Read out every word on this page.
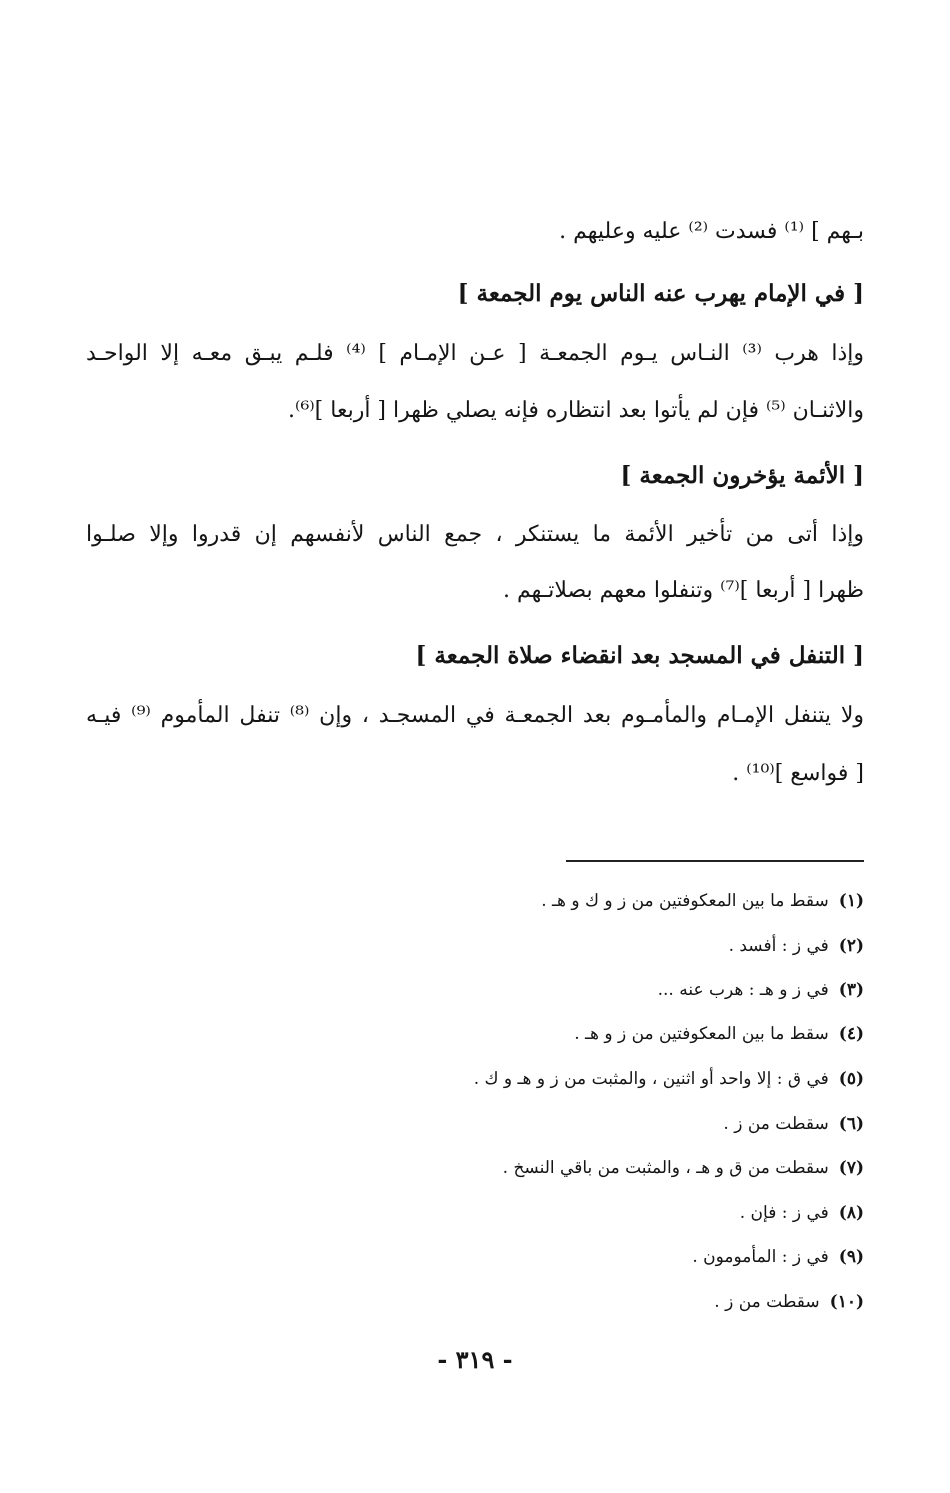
بـهم ] ⁽¹⁾ فسدت ⁽²⁾ عليه وعليهم .
[ في الإمام يهرب عنه الناس يوم الجمعة ]
وإذا هرب ⁽³⁾ النـاس يـوم الجمعـة [ عـن الإمـام ] ⁽⁴⁾ فلـم يبـق معـه إلا الواحـد
والاثنـان ⁽⁵⁾ فإن لم يأتوا بعد انتظاره فإنه يصلي ظهرا [ أربعا ]⁽⁶⁾.
[ الأئمة يؤخرون الجمعة ]
وإذا أتى من تأخير الأئمة ما يستنكر ، جمع الناس لأنفسهم إن قدروا وإلا صلـوا
ظهرا [ أربعا ]⁽⁷⁾ وتنفلوا معهم بصلاتـهم .
[ التنفل في المسجد بعد انقضاء صلاة الجمعة ]
ولا يتنفل الإمـام والمأمـوم بعد الجمعـة في المسجـد ، وإن ⁽⁸⁾ تنفل المأموم ⁽⁹⁾ فيـه
[ فواسع ]⁽¹⁰⁾ .
(١)سقط ما بين المعكوفتين من ز و ك و هـ .
(٢)في ز : أفسد .
(٣)في ز و هـ : هرب عنه ...
(٤)سقط ما بين المعكوفتين من ز و هـ .
(٥)في ق : إلا واحد أو اثنين ، والمثبت من ز و هـ و ك .
(٦)سقطت من ز .
(٧)سقطت من ق و هـ ، والمثبت من باقي النسخ .
(٨)في ز : فإن .
(٩)في ز : المأمومون .
(١٠)سقطت من ز .
- ٣١٩ -
